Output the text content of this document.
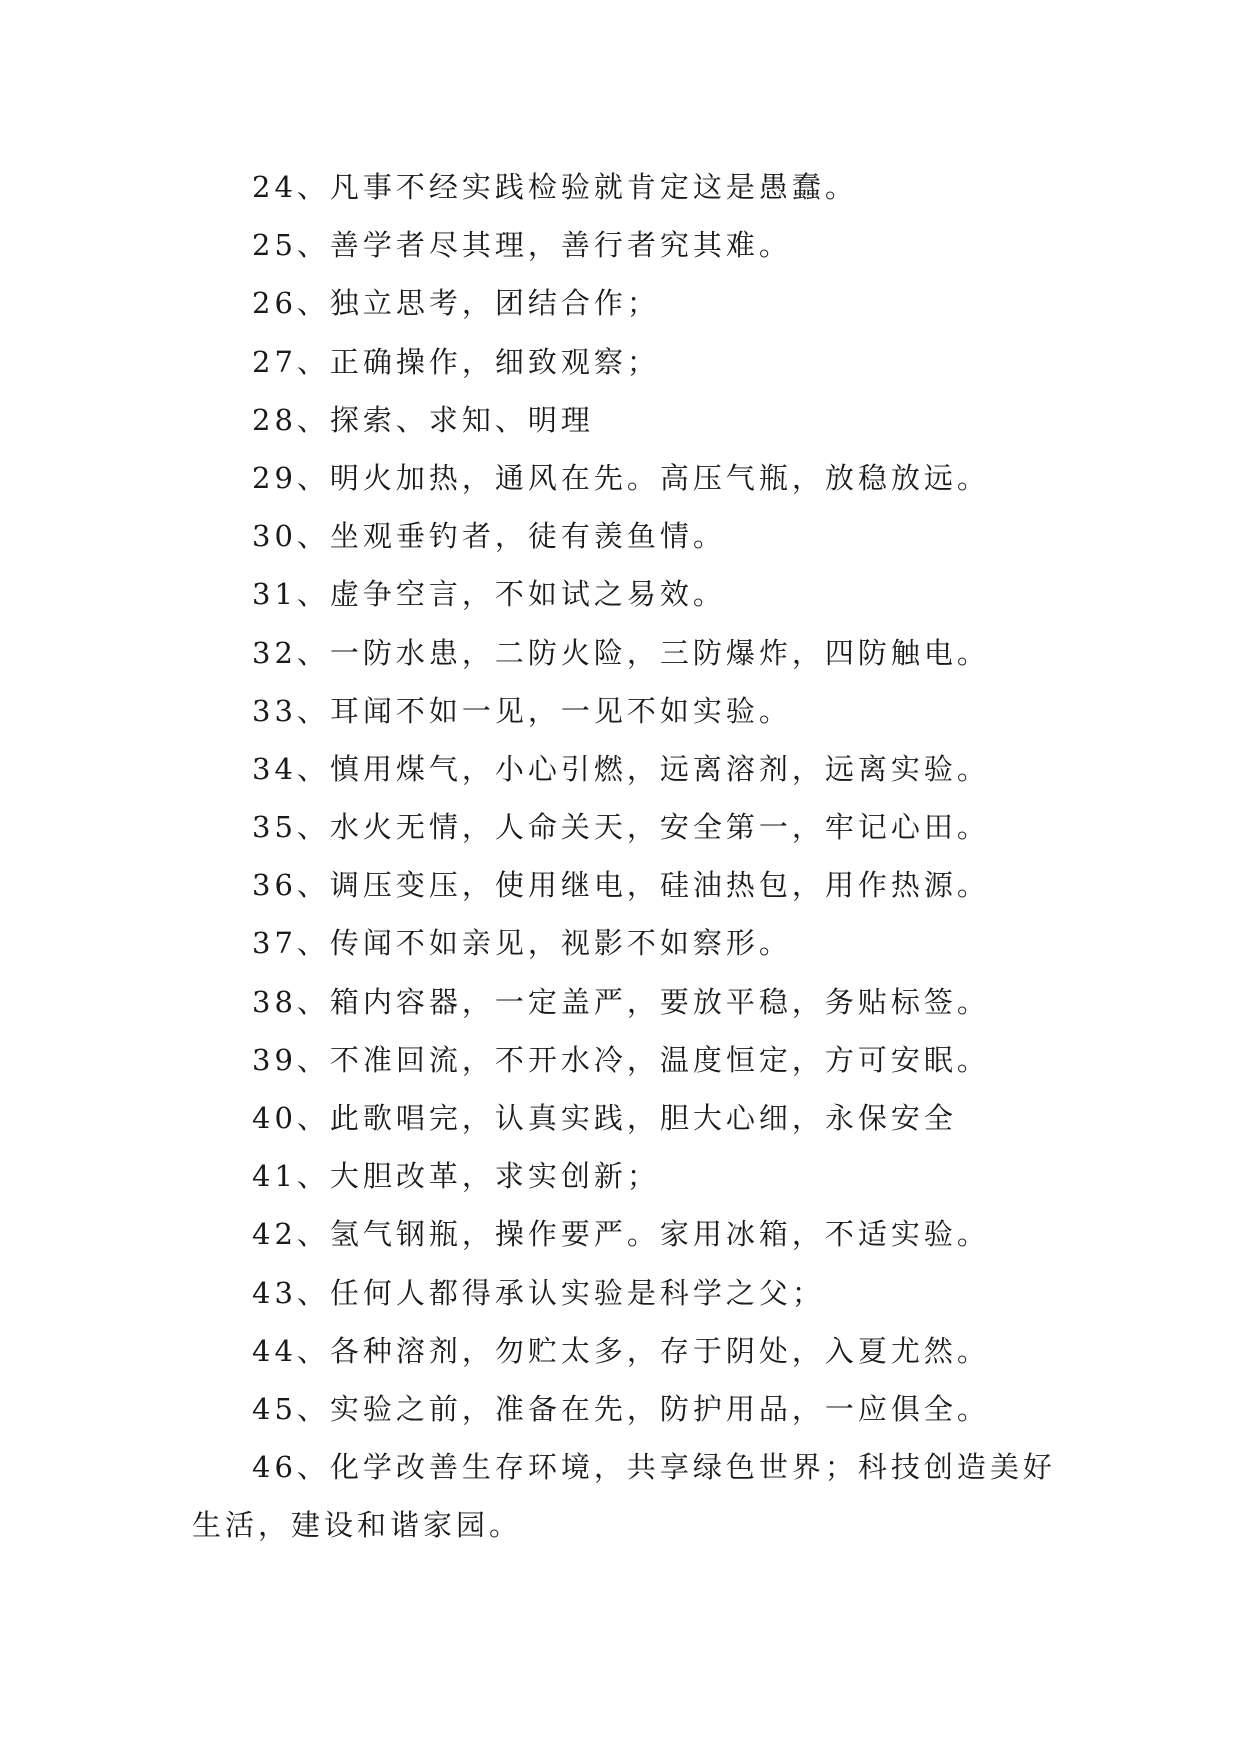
24、凡事不经实践检验就肯定这是愚蠢。
25、善学者尽其理，善行者究其难。
26、独立思考，团结合作；
27、正确操作，细致观察；
28、探索、求知、明理
29、明火加热，通风在先。高压气瓶，放稳放远。
30、坐观垂钓者，徒有羡鱼情。
31、虚争空言，不如试之易效。
32、一防水患，二防火险，三防爆炸，四防触电。
33、耳闻不如一见，一见不如实验。
34、慎用煤气，小心引燃，远离溶剂，远离实验。
35、水火无情，人命关天，安全第一，牢记心田。
36、调压变压，使用继电，硅油热包，用作热源。
37、传闻不如亲见，视影不如察形。
38、箱内容器，一定盖严，要放平稳，务贴标签。
39、不准回流，不开水冷，温度恒定，方可安眠。
40、此歌唱完，认真实践，胆大心细，永保安全
41、大胆改革，求实创新；
42、氢气钢瓶，操作要严。家用冰箱，不适实验。
43、任何人都得承认实验是科学之父；
44、各种溶剂，勿贮太多，存于阴处，入夏尤然。
45、实验之前，准备在先，防护用品，一应俱全。
46、化学改善生存环境，共享绿色世界；科技创造美好生活，建设和谐家园。
